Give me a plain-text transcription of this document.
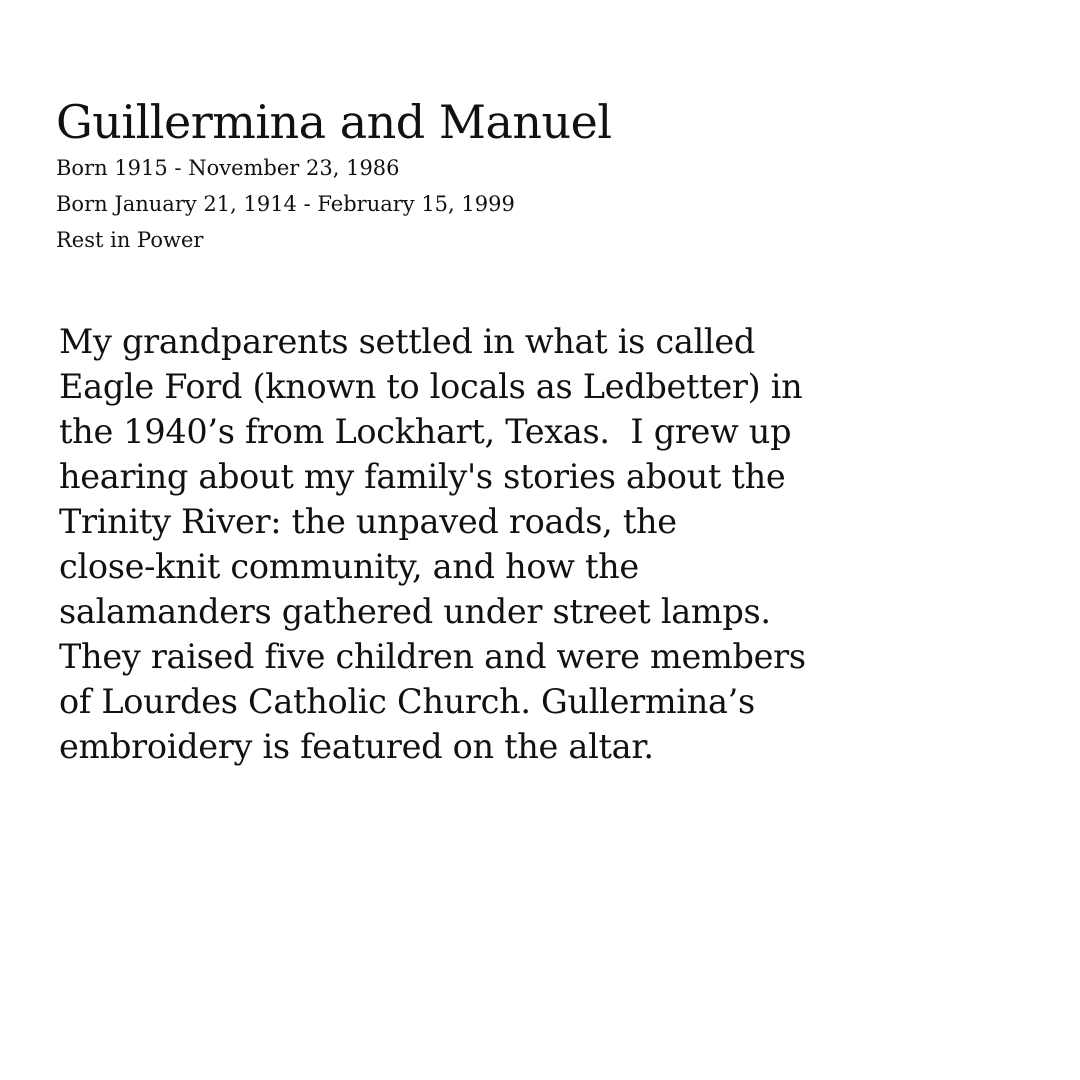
Guillermina and Manuel

Born 1915 - November 23, 1986

Born January 21, 1914 - February 15, 1999

Rest in Power

My grandparents settled in what is called

Eagle Ford (known to locals as Ledbetter) in

the 1940’s from Lockhart, Texas.  I grew up

hearing about my family's stories about the

Trinity River: the unpaved roads, the

close-knit community, and how the

salamanders gathered under street lamps.

They raised five children and were members

of Lourdes Catholic Church. Gullermina’s

embroidery is featured on the altar.
